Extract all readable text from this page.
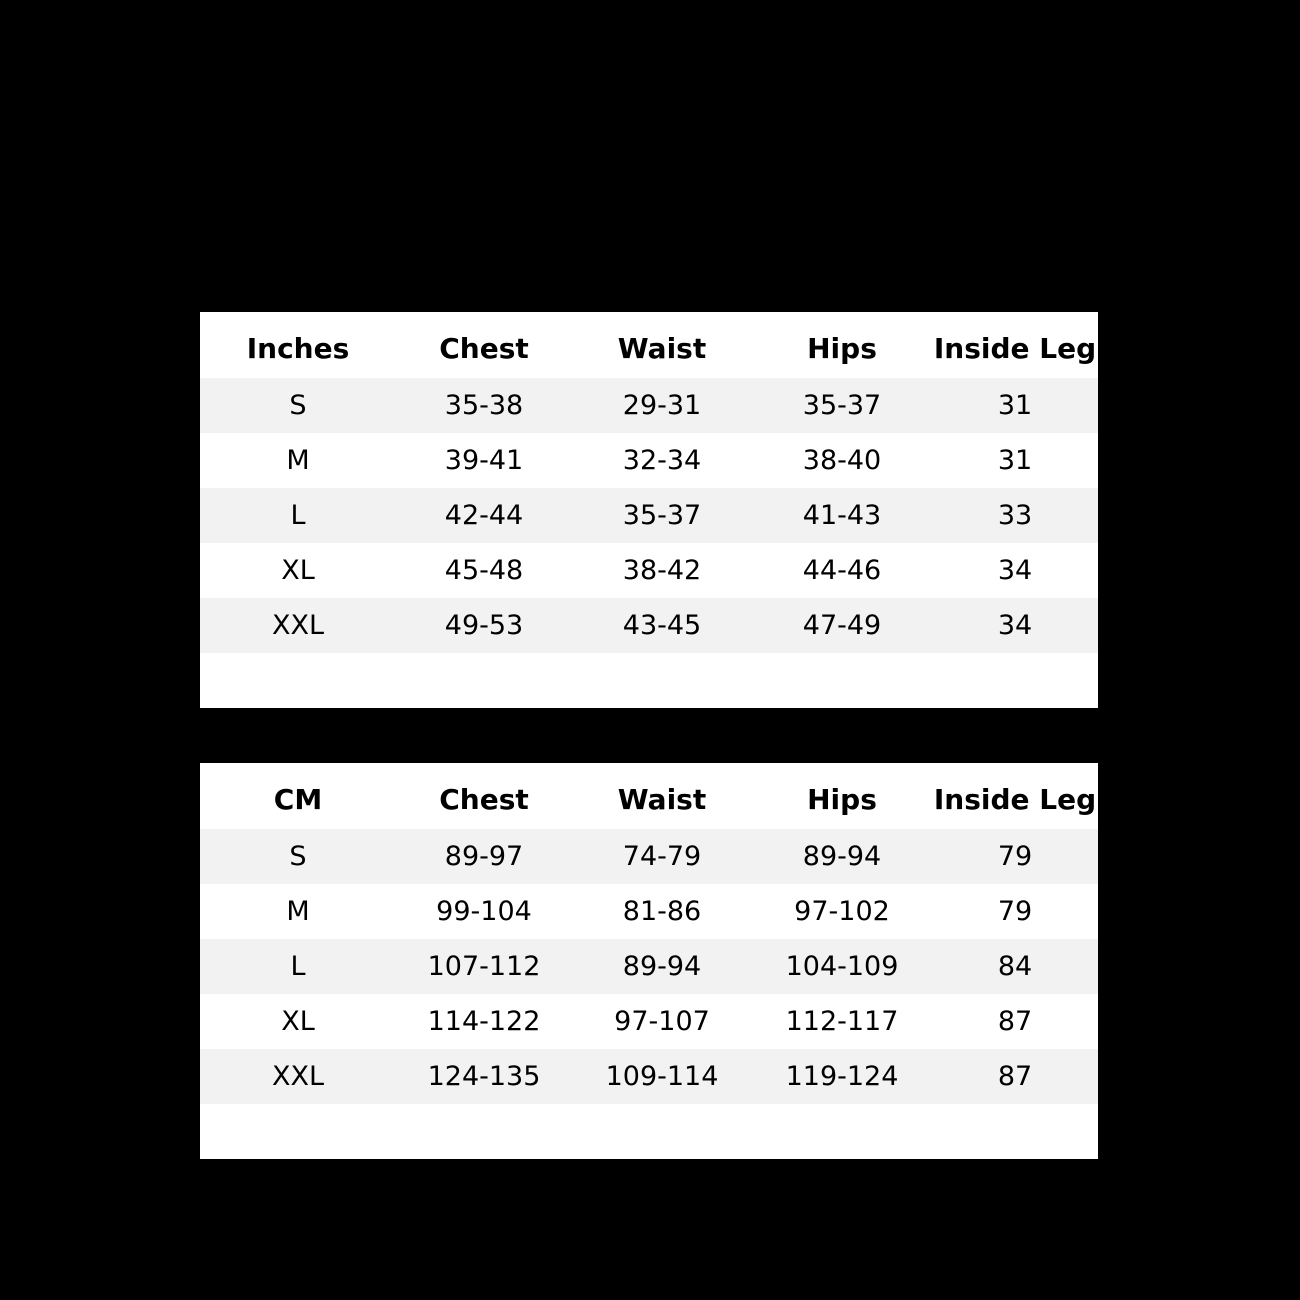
Inches	Chest	Waist	Hips	Inside Leg
S	35-38	29-31	35-37	31
M	39-41	32-34	38-40	31
L	42-44	35-37	41-43	33
XL	45-48	38-42	44-46	34
XXL	49-53	43-45	47-49	34

CM	Chest	Waist	Hips	Inside Leg
S	89-97	74-79	89-94	79
M	99-104	81-86	97-102	79
L	107-112	89-94	104-109	84
XL	114-122	97-107	112-117	87
XXL	124-135	109-114	119-124	87
